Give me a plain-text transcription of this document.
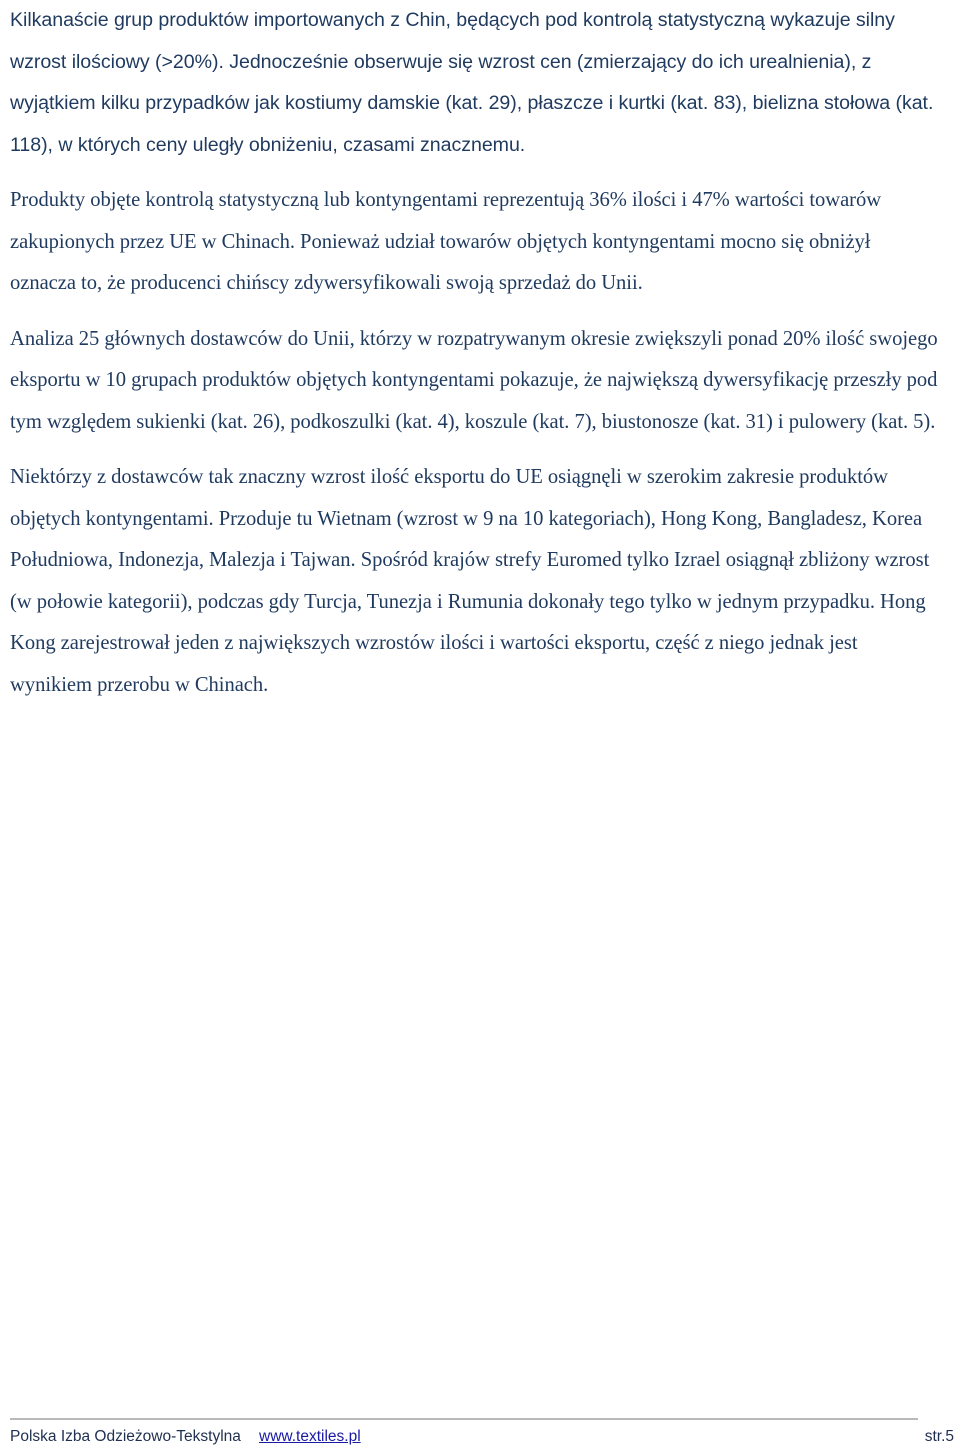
Kilkanaście grup produktów importowanych z Chin, będących pod kontrolą statystyczną wykazuje silny wzrost ilościowy (>20%). Jednocześnie obserwuje się wzrost cen (zmierzający do ich urealnienia), z wyjątkiem kilku przypadków jak kostiumy damskie (kat. 29), płaszcze i kurtki (kat. 83), bielizna stołowa (kat. 118), w których ceny uległy obniżeniu, czasami znacznemu.

Produkty objęte kontrolą statystyczną lub kontyngentami reprezentują 36% ilości i 47% wartości towarów zakupionych przez UE w Chinach. Ponieważ udział towarów objętych kontyngentami mocno się obniżył oznacza to, że producenci chińscy zdywersyfikowali swoją sprzedaż do Unii.

Analiza 25 głównych dostawców do Unii, którzy w rozpatrywanym okresie zwiększyli ponad 20% ilość swojego eksportu w 10 grupach produktów objętych kontyngentami pokazuje, że największą dywersyfikację przeszły pod tym względem sukienki (kat. 26), podkoszulki (kat. 4), koszule (kat. 7), biustonosze (kat. 31) i pulowery (kat. 5).

Niektórzy z dostawców tak znaczny wzrost ilość eksportu do UE osiągnęli w szerokim zakresie produktów objętych kontyngentami. Przoduje tu Wietnam (wzrost w 9 na 10 kategoriach), Hong Kong, Bangladesz, Korea Południowa, Indonezja, Malezja i Tajwan. Spośród krajów strefy Euromed tylko Izrael osiągnął zbliżony wzrost (w połowie kategorii), podczas gdy Turcja, Tunezja i Rumunia dokonały tego tylko w jednym przypadku. Hong Kong zarejestrował jeden z największych wzrostów ilości i wartości eksportu, część z niego jednak jest wynikiem przerobu w Chinach.

Polska Izba Odzieżowo-Tekstylna www.textiles.pl	str.5
